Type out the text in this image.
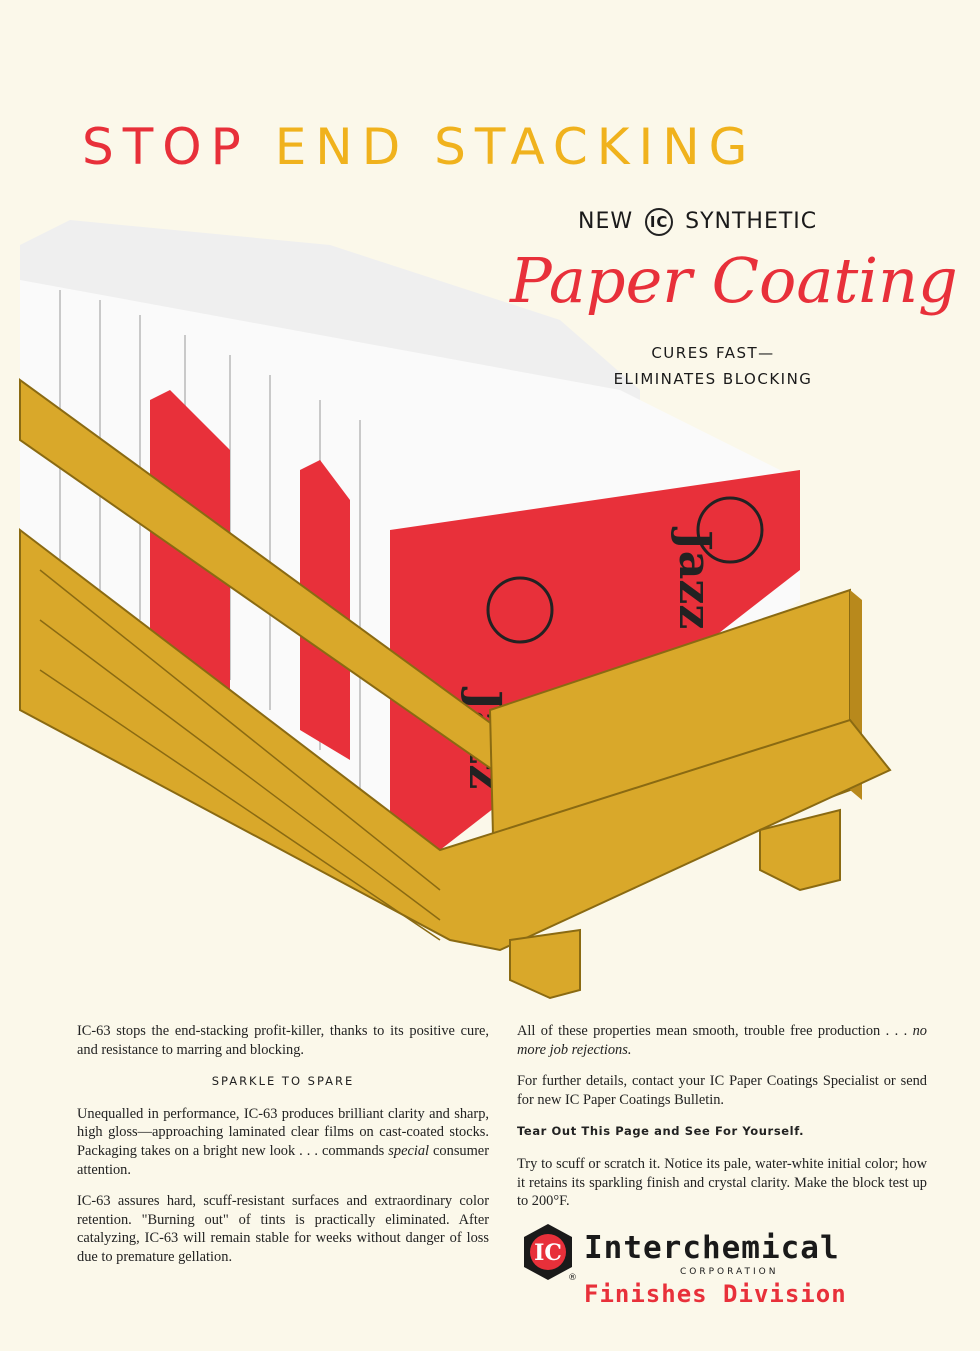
STOP END STACKING
Jazz
NEW IC SYNTHETIC
Paper Coating
CURES FAST—
ELIMINATES BLOCKING

IC-63 stops the end-stacking profit-killer, thanks to its positive cure, and resistance to marring and blocking.

SPARKLE TO SPARE

Unequalled in performance, IC-63 produces brilliant clarity and sharp, high gloss—approaching laminated clear films on cast-coated stocks. Packaging takes on a bright new look . . . commands special consumer attention.

IC-63 assures hard, scuff-resistant surfaces and extraordinary color retention. "Burning out" of tints is practically eliminated. After catalyzing, IC-63 will remain stable for weeks without danger of loss due to premature gellation.

All of these properties mean smooth, trouble free production . . . no more job rejections.

For further details, contact your IC Paper Coatings Specialist or send for new IC Paper Coatings Bulletin.

Tear Out This Page and See For Yourself.

Try to scuff or scratch it. Notice its pale, water-white initial color; how it retains its sparkling finish and crystal clarity. Make the block test up to 200°F.

IC
®
Interchemical
CORPORATION
Finishes Division
